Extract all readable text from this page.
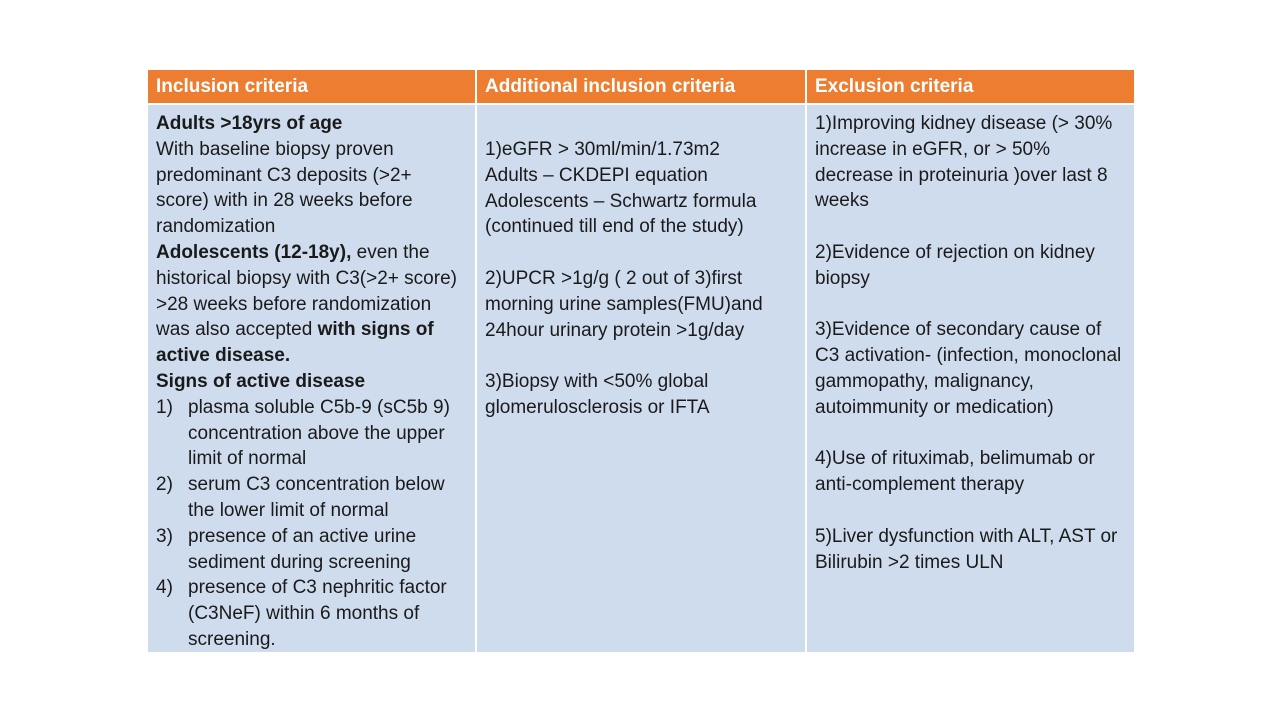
Inclusion criteria	Additional inclusion criteria	Exclusion criteria
Adults >18yrs of age
With baseline biopsy proven predominant C3 deposits (>2+ score) with in 28 weeks before randomization
Adolescents (12-18y), even the historical biopsy with C3(>2+ score) >28 weeks before randomization was also accepted with signs of active disease.
Signs of active disease
1) plasma soluble C5b-9 (sC5b 9) concentration above the upper limit of normal
2) serum C3 concentration below the lower limit of normal
3) presence of an active urine sediment during screening
4) presence of C3 nephritic factor (C3NeF) within 6 months of screening.
1)eGFR > 30ml/min/1.73m2
Adults – CKDEPI equation
Adolescents – Schwartz formula
(continued till end of the study)
2)UPCR >1g/g ( 2 out of 3)first
morning urine samples(FMU)and
24hour urinary protein >1g/day
3)Biopsy with <50% global
glomerulosclerosis or IFTA
1)Improving kidney disease (> 30% increase in eGFR, or > 50% decrease in proteinuria )over last 8 weeks
2)Evidence of rejection on kidney biopsy
3)Evidence of secondary cause of C3 activation- (infection, monoclonal gammopathy, malignancy, autoimmunity or medication)
4)Use of rituximab, belimumab or anti-complement therapy
5)Liver dysfunction with ALT, AST or Bilirubin >2 times ULN
